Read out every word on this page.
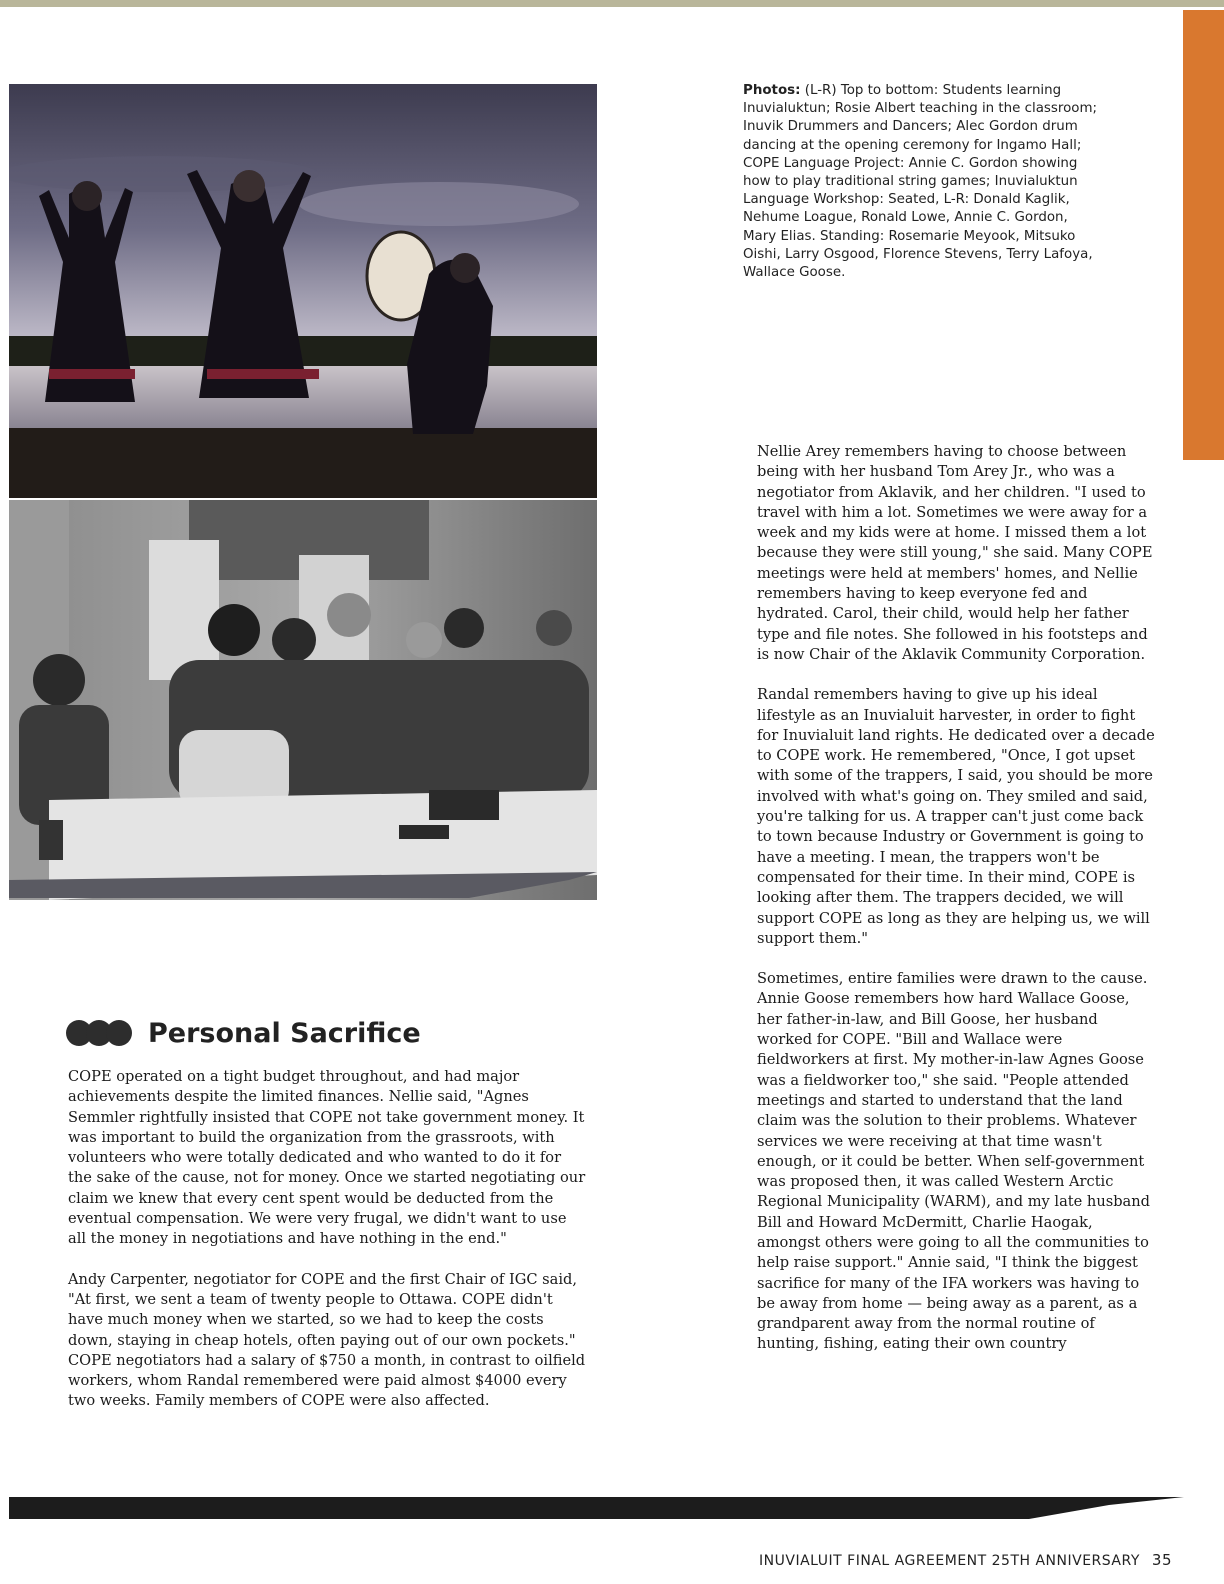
Photos: (L-R) Top to bottom: Students learning Inuvialuktun; Rosie Albert teaching in the classroom; Inuvik Drummers and Dancers; Alec Gordon drum dancing at the opening ceremony for Ingamo Hall; COPE Language Project: Annie C. Gordon showing how to play traditional string games; Inuvialuktun Language Workshop: Seated, L-R: Donald Kaglik, Nehume Loague, Ronald Lowe, Annie C. Gordon, Mary Elias. Standing: Rosemarie Meyook, Mitsuko Oishi, Larry Osgood, Florence Stevens, Terry Lafoya, Wallace Goose.

Nellie Arey remembers having to choose between being with her husband Tom Arey Jr., who was a negotiator from Aklavik, and her children. "I used to travel with him a lot. Sometimes we were away for a week and my kids were at home. I missed them a lot because they were still young," she said. Many COPE meetings were held at members' homes, and Nellie remembers having to keep everyone fed and hydrated. Carol, their child, would help her father type and file notes. She followed in his footsteps and is now Chair of the Aklavik Community Corporation.

Randal remembers having to give up his ideal lifestyle as an Inuvialuit harvester, in order to fight for Inuvialuit land rights. He dedicated over a decade to COPE work. He remembered, "Once, I got upset with some of the trappers, I said, you should be more involved with what's going on. They smiled and said, you're talking for us. A trapper can't just come back to town because Industry or Government is going to have a meeting. I mean, the trappers won't be compensated for their time. In their mind, COPE is looking after them. The trappers decided, we will support COPE as long as they are helping us, we will support them."

Sometimes, entire families were drawn to the cause. Annie Goose remembers how hard Wallace Goose, her father-in-law, and Bill Goose, her husband worked for COPE. "Bill and Wallace were fieldworkers at first. My mother-in-law Agnes Goose was a fieldworker too," she said. "People attended meetings and started to understand that the land claim was the solution to their problems. Whatever services we were receiving at that time wasn't enough, or it could be better. When self-government was proposed then, it was called Western Arctic Regional Municipality (WARM), and my late husband Bill and Howard McDermitt, Charlie Haogak, amongst others were going to all the communities to help raise support." Annie said, "I think the biggest sacrifice for many of the IFA workers was having to be away from home — being away as a parent, as a grandparent away from the normal routine of hunting, fishing, eating their own country

Personal Sacrifice

COPE operated on a tight budget throughout, and had major achievements despite the limited finances. Nellie said, "Agnes Semmler rightfully insisted that COPE not take government money. It was important to build the organization from the grassroots, with volunteers who were totally dedicated and who wanted to do it for the sake of the cause, not for money. Once we started negotiating our claim we knew that every cent spent would be deducted from the eventual compensation. We were very frugal, we didn't want to use all the money in negotiations and have nothing in the end."

Andy Carpenter, negotiator for COPE and the first Chair of IGC said, "At first, we sent a team of twenty people to Ottawa. COPE didn't have much money when we started, so we had to keep the costs down, staying in cheap hotels, often paying out of our own pockets." COPE negotiators had a salary of $750 a month, in contrast to oilfield workers, whom Randal remembered were paid almost $4000 every two weeks. Family members of COPE were also affected.

INUVIALUIT FINAL AGREEMENT 25TH ANNIVERSARY 35
